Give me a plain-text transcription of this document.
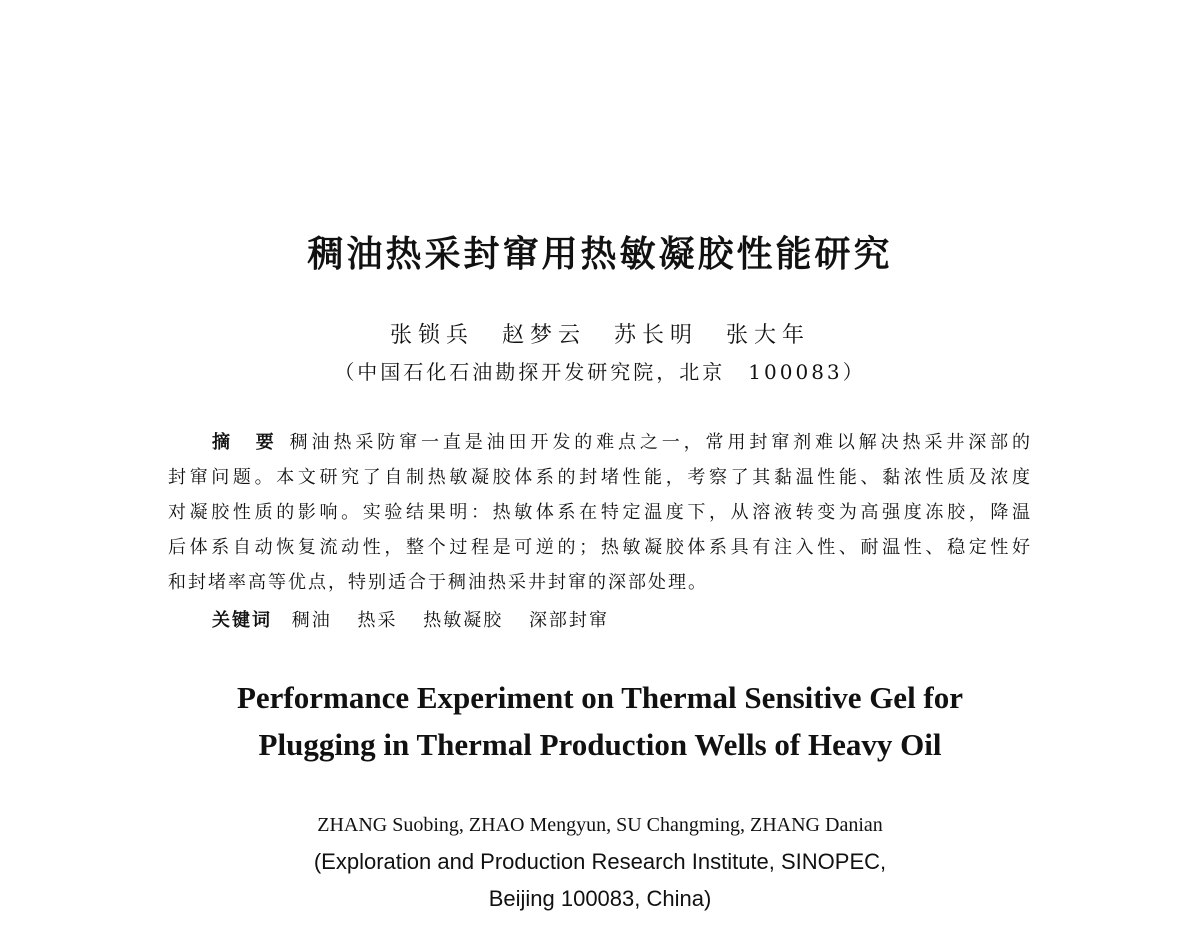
稠油热采封窜用热敏凝胶性能研究
张锁兵　赵梦云　苏长明　张大年
（中国石化石油勘探开发研究院，北京　100083）
摘　要 稠油热采防窜一直是油田开发的难点之一，常用封窜剂难以解决热采井深部的
封窜问题。本文研究了自制热敏凝胶体系的封堵性能，考察了其黏温性能、黏浓性质及浓度
对凝胶性质的影响。实验结果明：热敏体系在特定温度下，从溶液转变为高强度冻胶，降温
后体系自动恢复流动性，整个过程是可逆的；热敏凝胶体系具有注入性、耐温性、稳定性好
和封堵率高等优点，特别适合于稠油热采井封窜的深部处理。
关键词 稠油 热采 热敏凝胶 深部封窜
Performance Experiment on Thermal Sensitive Gel for
Plugging in Thermal Production Wells of Heavy Oil
ZHANG Suobing, ZHAO Mengyun, SU Changming, ZHANG Danian
(Exploration and Production Research Institute, SINOPEC,
Beijing 100083, China)
